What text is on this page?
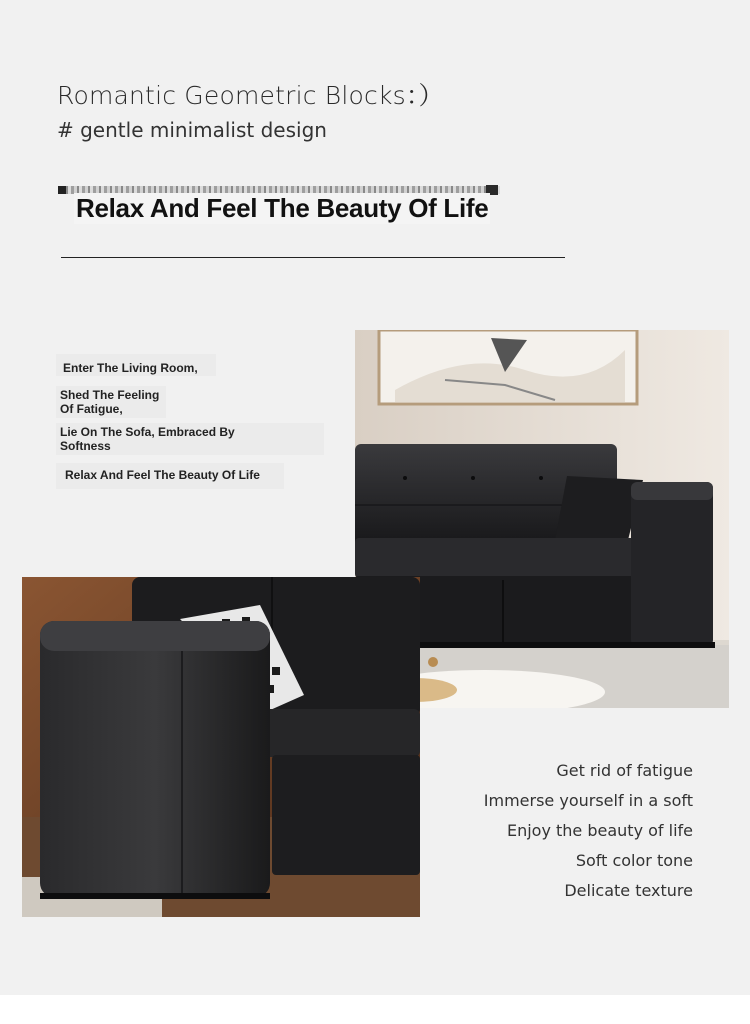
Romantic Geometric Blocks：）
# gentle minimalist design
Relax And Feel The Beauty Of Life
Enter The Living Room,
Shed The Feeling Of Fatigue,
Lie On The Sofa, Embraced By Softness
Relax And Feel The Beauty Of Life
Get rid of fatigue
Immerse yourself in a soft
Enjoy the beauty of life
Soft color tone
Delicate texture
